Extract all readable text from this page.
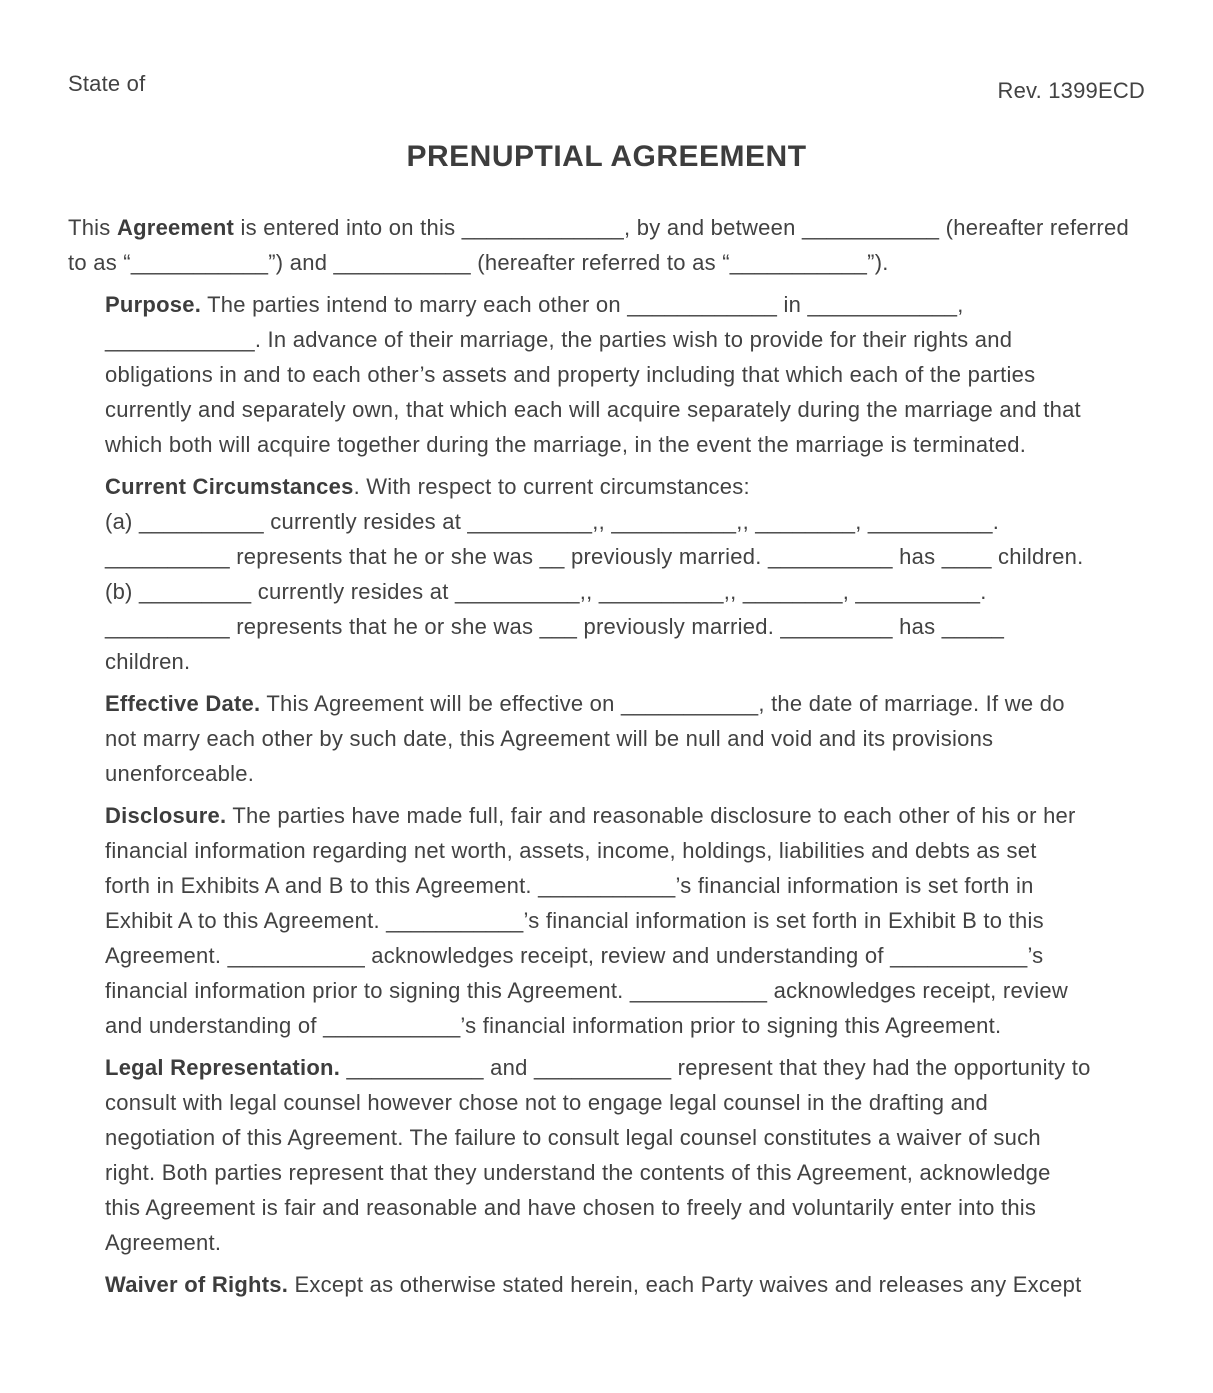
State of	Rev. 1399ECD
PRENUPTIAL AGREEMENT

This Agreement is entered into on this _____________, by and between ___________ (hereafter referred
to as “___________”) and ___________ (hereafter referred to as “___________”).

Purpose. The parties intend to marry each other on ____________ in ____________,
____________. In advance of their marriage, the parties wish to provide for their rights and
obligations in and to each other’s assets and property including that which each of the parties
currently and separately own, that which each will acquire separately during the marriage and that
which both will acquire together during the marriage, in the event the marriage is terminated.

Current Circumstances. With respect to current circumstances:
(a) __________ currently resides at __________,, __________,, ________, __________.
__________ represents that he or she was __ previously married. __________ has ____ children.
(b) _________ currently resides at __________,, __________,, ________, __________.
__________ represents that he or she was ___ previously married. _________ has _____
children.

Effective Date. This Agreement will be effective on ___________, the date of marriage. If we do
not marry each other by such date, this Agreement will be null and void and its provisions
unenforceable.

Disclosure. The parties have made full, fair and reasonable disclosure to each other of his or her
financial information regarding net worth, assets, income, holdings, liabilities and debts as set
forth in Exhibits A and B to this Agreement. ___________’s financial information is set forth in
Exhibit A to this Agreement. ___________’s financial information is set forth in Exhibit B to this
Agreement. ___________ acknowledges receipt, review and understanding of ___________’s
financial information prior to signing this Agreement. ___________ acknowledges receipt, review
and understanding of ___________’s financial information prior to signing this Agreement.

Legal Representation. ___________ and ___________ represent that they had the opportunity to
consult with legal counsel however chose not to engage legal counsel in the drafting and
negotiation of this Agreement. The failure to consult legal counsel constitutes a waiver of such
right. Both parties represent that they understand the contents of this Agreement, acknowledge
this Agreement is fair and reasonable and have chosen to freely and voluntarily enter into this
Agreement.

Waiver of Rights. Except as otherwise stated herein, each Party waives and releases any Except
